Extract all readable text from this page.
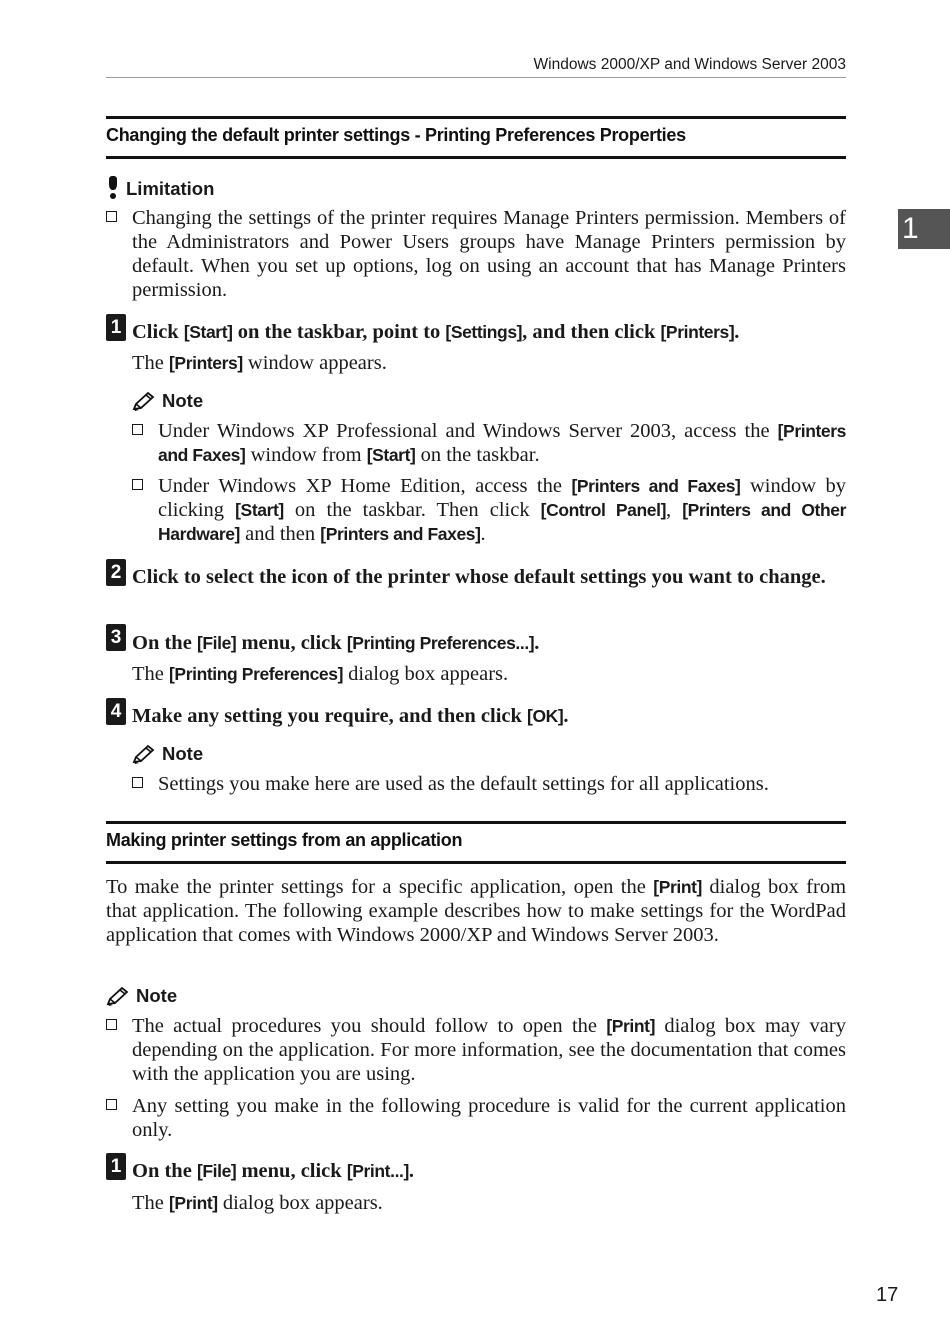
Windows 2000/XP and Windows Server 2003
1
Changing the default printer settings - Printing Preferences Properties
Limitation
Changing the settings of the printer requires Manage Printers permission. Members of the Administrators and Power Users groups have Manage Printers permission by default. When you set up options, log on using an account that has Manage Printers permission.
1 Click [Start] on the taskbar, point to [Settings], and then click [Printers].
The [Printers] window appears.
Note
Under Windows XP Professional and Windows Server 2003, access the [Printers and Faxes] window from [Start] on the taskbar.
Under Windows XP Home Edition, access the [Printers and Faxes] window by clicking [Start] on the taskbar. Then click [Control Panel], [Printers and Other Hardware] and then [Printers and Faxes].
2 Click to select the icon of the printer whose default settings you want to change.
3 On the [File] menu, click [Printing Preferences...].
The [Printing Preferences] dialog box appears.
4 Make any setting you require, and then click [OK].
Note
Settings you make here are used as the default settings for all applications.
Making printer settings from an application
To make the printer settings for a specific application, open the [Print] dialog box from that application. The following example describes how to make settings for the WordPad application that comes with Windows 2000/XP and Windows Server 2003.
Note
The actual procedures you should follow to open the [Print] dialog box may vary depending on the application. For more information, see the documentation that comes with the application you are using.
Any setting you make in the following procedure is valid for the current application only.
1 On the [File] menu, click [Print...].
The [Print] dialog box appears.
17
